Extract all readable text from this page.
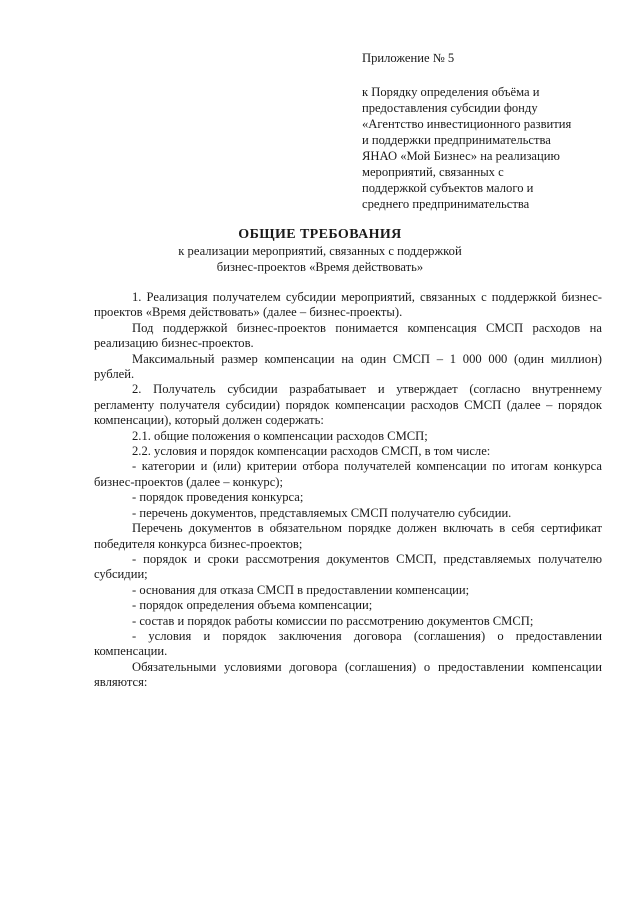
Приложение № 5
к Порядку определения объёма и
предоставления субсидии фонду
«Агентство инвестиционного развития
и поддержки предпринимательства
ЯНАО «Мой Бизнес» на реализацию
мероприятий, связанных с
поддержкой субъектов малого и
среднего предпринимательства
ОБЩИЕ ТРЕБОВАНИЯ
к реализации мероприятий, связанных с поддержкой
бизнес-проектов «Время действовать»

1. Реализация получателем субсидии мероприятий, связанных с поддержкой бизнес-проектов «Время действовать» (далее – бизнес-проекты).

Под поддержкой бизнес-проектов понимается компенсация СМСП расходов на реализацию бизнес-проектов.

Максимальный размер компенсации на один СМСП – 1 000 000 (один миллион) рублей.

2. Получатель субсидии разрабатывает и утверждает (согласно внутреннему регламенту получателя субсидии) порядок компенсации расходов СМСП (далее – порядок компенсации), который должен содержать:

2.1. общие положения о компенсации расходов СМСП;

2.2. условия и порядок компенсации расходов СМСП, в том числе:

- категории и (или) критерии отбора получателей компенсации по итогам конкурса бизнес-проектов (далее – конкурс);

- порядок проведения конкурса;

- перечень документов, представляемых СМСП получателю субсидии.

Перечень документов в обязательном порядке должен включать в себя сертификат победителя конкурса бизнес-проектов;

- порядок и сроки рассмотрения документов СМСП, представляемых получателю субсидии;

- основания для отказа СМСП в предоставлении компенсации;

- порядок определения объема компенсации;

- состав и порядок работы комиссии по рассмотрению документов СМСП;

- условия и порядок заключения договора (соглашения) о предоставлении компенсации.

Обязательными условиями договора (соглашения) о предоставлении компенсации являются:
